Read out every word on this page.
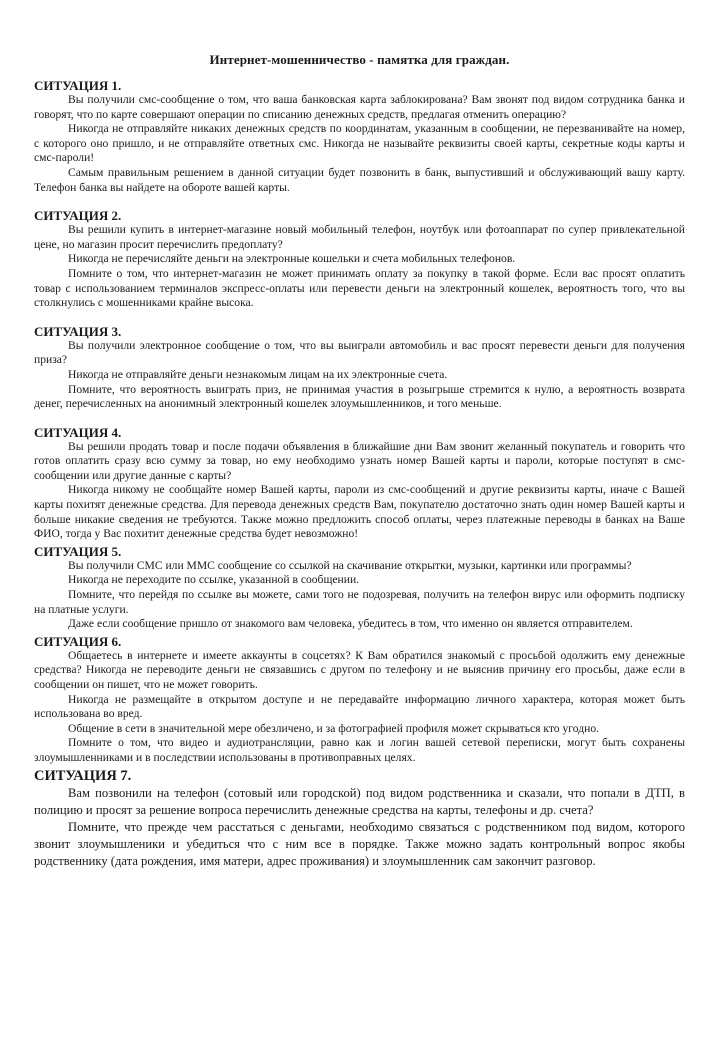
Интернет-мошенничество - памятка для граждан.
СИТУАЦИЯ 1.

Вы получили смс-сообщение о том, что ваша банковская карта заблокирована? Вам звонят под видом сотрудника банка и говорят, что по карте совершают операции по списанию денежных средств, предлагая отменить операцию?

Никогда не отправляйте никаких денежных средств по координатам, указанным в сообщении, не перезванивайте на номер, с которого оно пришло, и не отправляйте ответных смс. Никогда не называйте реквизиты своей карты, секретные коды карты и смс-пароли!

Самым правильным решением в данной ситуации будет позвонить в банк, выпустивший и обслуживающий вашу карту. Телефон банка вы найдете на обороте вашей карты.

СИТУАЦИЯ 2.

Вы решили купить в интернет-магазине новый мобильный телефон, ноутбук или фотоаппарат по супер привлекательной цене, но магазин просит перечислить предоплату?

Никогда не перечисляйте деньги на электронные кошельки и счета мобильных телефонов.

Помните о том, что интернет-магазин не может принимать оплату за покупку в такой форме. Если вас просят оплатить товар с использованием терминалов экспресс-оплаты или перевести деньги на электронный кошелек, вероятность того, что вы столкнулись с мошенниками крайне высока.

СИТУАЦИЯ 3.

Вы получили электронное сообщение о том, что вы выиграли автомобиль и вас просят перевести деньги для получения приза?

Никогда не отправляйте деньги незнакомым лицам на их электронные счета.

Помните, что вероятность выиграть приз, не принимая участия в розыгрыше стремится к нулю, а вероятность возврата денег, перечисленных на анонимный электронный кошелек злоумышленников, и того меньше.

СИТУАЦИЯ 4.

Вы решили продать товар и после подачи объявления в ближайшие дни Вам звонит желанный покупатель и говорить что готов оплатить сразу всю сумму за товар, но ему необходимо узнать номер Вашей карты и пароли, которые поступят в смс-сообщении или другие данные с карты?

Никогда никому не сообщайте номер Вашей карты, пароли из смс-сообщений и другие реквизиты карты, иначе с Вашей карты похитят денежные средства. Для перевода денежных средств Вам, покупателю достаточно знать один номер Вашей карты и больше никакие сведения не требуются. Также можно предложить способ оплаты, через платежные переводы в банках на Ваше ФИО, тогда у Вас похитит денежные средства будет невозможно!

СИТУАЦИЯ 5.

Вы получили СМС или ММС сообщение со ссылкой на скачивание открытки, музыки, картинки или программы?

Никогда не переходите по ссылке, указанной в сообщении.

Помните, что перейдя по ссылке вы можете, сами того не подозревая, получить на телефон вирус или оформить подписку на платные услуги.

Даже если сообщение пришло от знакомого вам человека, убедитесь в том, что именно он является отправителем.

СИТУАЦИЯ 6.

Общаетесь в интернете и имеете аккаунты в соцсетях? К Вам обратился знакомый с просьбой одолжить ему денежные средства? Никогда не переводите деньги не связавшись с другом по телефону и не выяснив причину его просьбы, даже если в сообщении он пишет, что не может говорить.

Никогда не размещайте в открытом доступе и не передавайте информацию личного характера, которая может быть использована во вред.

Общение в сети в значительной мере обезличено, и за фотографией профиля может скрываться кто угодно.

Помните о том, что видео и аудиотрансляции, равно как и логин вашей сетевой переписки, могут быть сохранены злоумышленниками и в последствии использованы в противоправных целях.

СИТУАЦИЯ 7.

Вам позвонили на телефон (сотовый или городской) под видом родственника и сказали, что попали в ДТП, в полицию и просят за решение вопроса перечислить денежные средства на карты, телефоны и др. счета?

Помните, что прежде чем расстаться с деньгами, необходимо связаться с родственником под видом, которого звонит злоумышленики и убедиться что с ним все в порядке. Также можно задать контрольный вопрос якобы родственнику (дата рождения, имя матери, адрес проживания) и злоумышленник сам закончит разговор.
